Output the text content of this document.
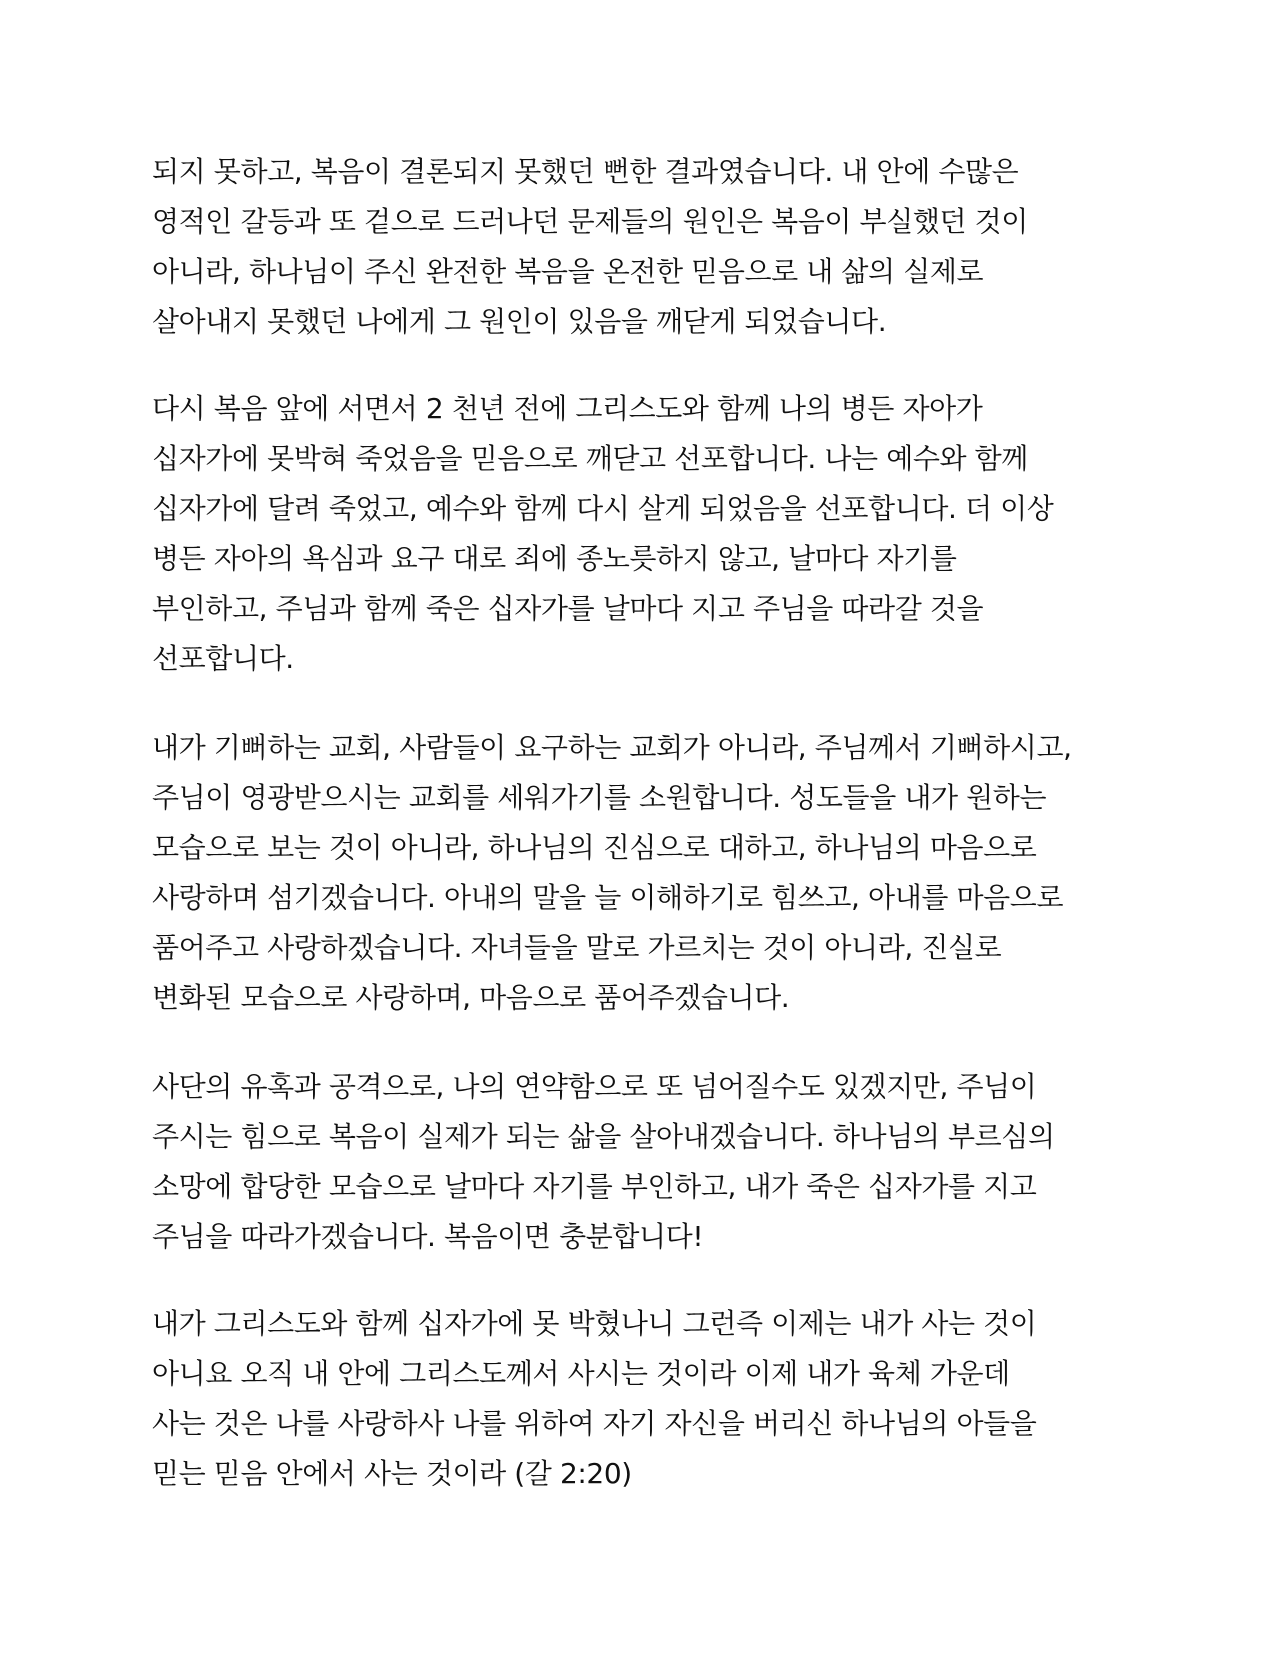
되지 못하고, 복음이 결론되지 못했던 뻔한 결과였습니다. 내 안에 수많은
영적인 갈등과 또 겉으로 드러나던 문제들의 원인은 복음이 부실했던 것이
아니라, 하나님이 주신 완전한 복음을 온전한 믿음으로 내 삶의 실제로
살아내지 못했던 나에게 그 원인이 있음을 깨닫게 되었습니다.

다시 복음 앞에 서면서 2 천년 전에 그리스도와 함께 나의 병든 자아가
십자가에 못박혀 죽었음을 믿음으로 깨닫고 선포합니다. 나는 예수와 함께
십자가에 달려 죽었고, 예수와 함께 다시 살게 되었음을 선포합니다. 더 이상
병든 자아의 욕심과 요구 대로 죄에 종노릇하지 않고, 날마다 자기를
부인하고, 주님과 함께 죽은 십자가를 날마다 지고 주님을 따라갈 것을
선포합니다.

내가 기뻐하는 교회, 사람들이 요구하는 교회가 아니라, 주님께서 기뻐하시고,
주님이 영광받으시는 교회를 세워가기를 소원합니다. 성도들을 내가 원하는
모습으로 보는 것이 아니라, 하나님의 진심으로 대하고, 하나님의 마음으로
사랑하며 섬기겠습니다. 아내의 말을 늘 이해하기로 힘쓰고, 아내를 마음으로
품어주고 사랑하겠습니다. 자녀들을 말로 가르치는 것이 아니라, 진실로
변화된 모습으로 사랑하며, 마음으로 품어주겠습니다.

사단의 유혹과 공격으로, 나의 연약함으로 또 넘어질수도 있겠지만, 주님이
주시는 힘으로 복음이 실제가 되는 삶을 살아내겠습니다. 하나님의 부르심의
소망에 합당한 모습으로 날마다 자기를 부인하고, 내가 죽은 십자가를 지고
주님을 따라가겠습니다. 복음이면 충분합니다!

내가 그리스도와 함께 십자가에 못 박혔나니 그런즉 이제는 내가 사는 것이
아니요 오직 내 안에 그리스도께서 사시는 것이라 이제 내가 육체 가운데
사는 것은 나를 사랑하사 나를 위하여 자기 자신을 버리신 하나님의 아들을
믿는 믿음 안에서 사는 것이라 (갈 2:20)
